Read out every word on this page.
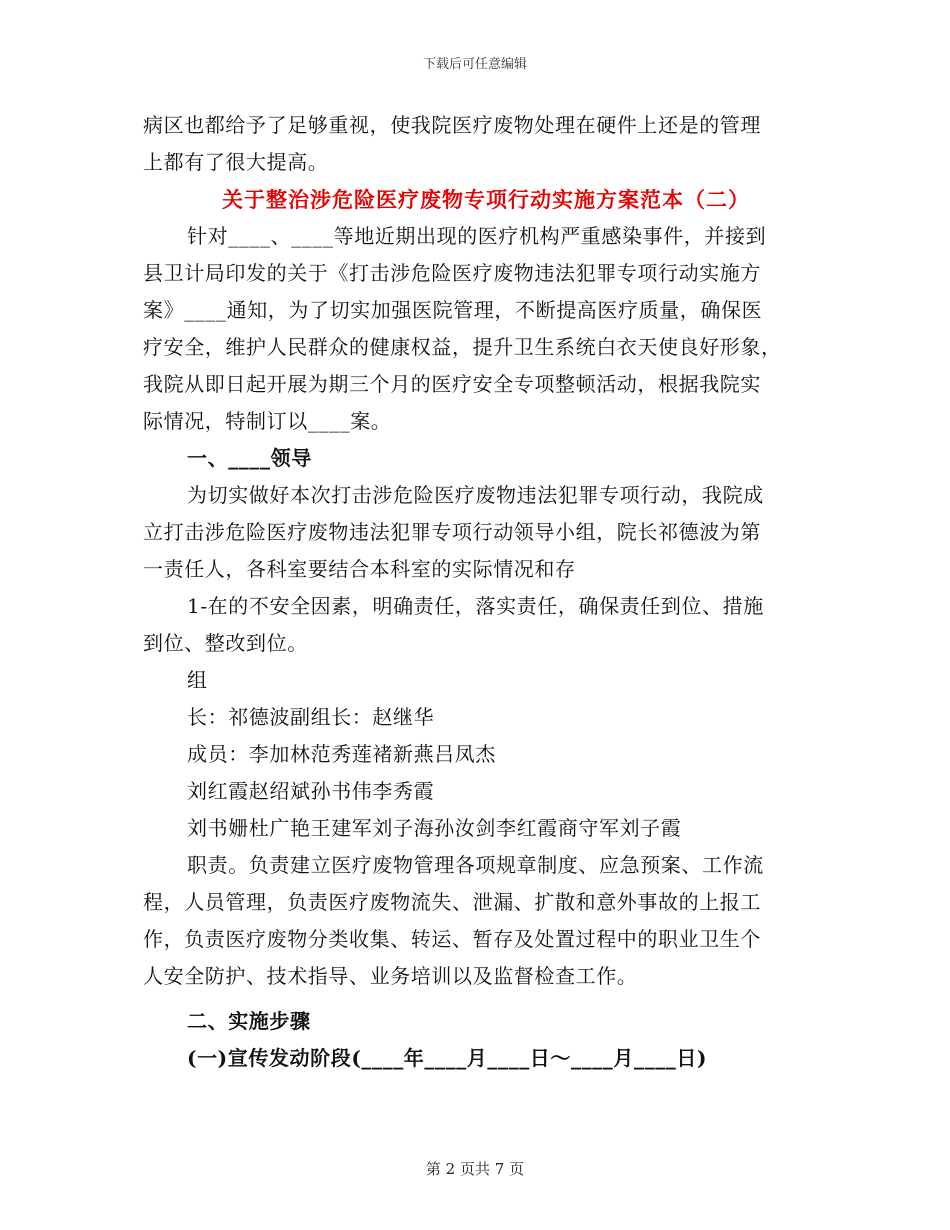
下载后可任意编辑
病区也都给予了足够重视，使我院医疗废物处理在硬件上还是的管理
上都有了很大提高。
关于整治涉危险医疗废物专项行动实施方案范本（二）
针对____、____等地近期出现的医疗机构严重感染事件，并接到
县卫计局印发的关于《打击涉危险医疗废物违法犯罪专项行动实施方
案》____通知，为了切实加强医院管理，不断提高医疗质量，确保医
疗安全，维护人民群众的健康权益，提升卫生系统白衣天使良好形象，
我院从即日起开展为期三个月的医疗安全专项整顿活动，根据我院实
际情况，特制订以____案。
一、____领导
为切实做好本次打击涉危险医疗废物违法犯罪专项行动，我院成
立打击涉危险医疗废物违法犯罪专项行动领导小组，院长祁德波为第
一责任人，各科室要结合本科室的实际情况和存
1-在的不安全因素，明确责任，落实责任，确保责任到位、措施
到位、整改到位。
组
长：祁德波副组长：赵继华
成员：李加林范秀莲褚新燕吕凤杰
刘红霞赵绍斌孙书伟李秀霞
刘书姗杜广艳王建军刘子海孙汝剑李红霞商守军刘子霞
职责。负责建立医疗废物管理各项规章制度、应急预案、工作流
程，人员管理，负责医疗废物流失、泄漏、扩散和意外事故的上报工
作，负责医疗废物分类收集、转运、暂存及处置过程中的职业卫生个
人安全防护、技术指导、业务培训以及监督检查工作。
二、实施步骤
(一)宣传发动阶段(____年____月____日～____月____日)
第 2 页共 7 页
